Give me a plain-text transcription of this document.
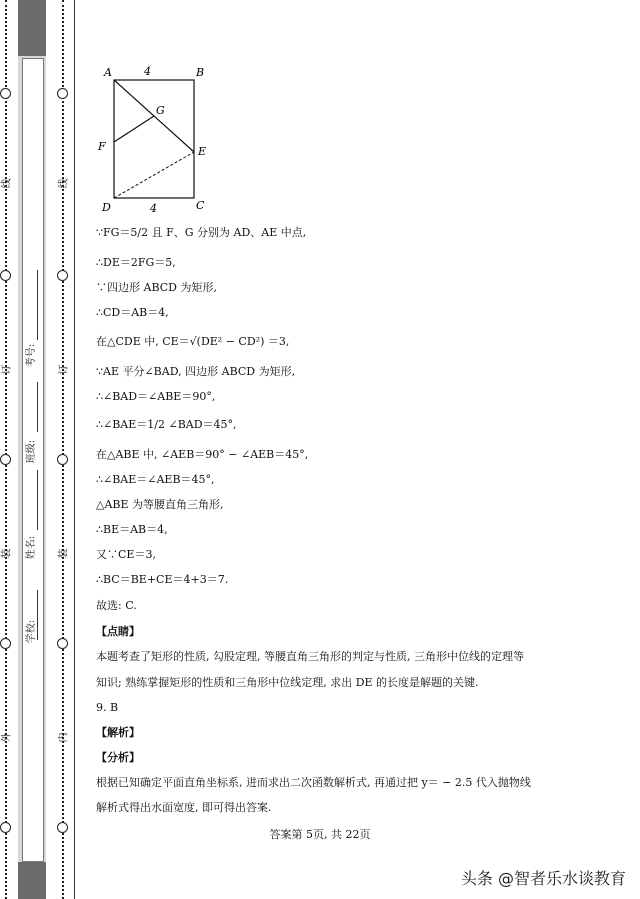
线
订
装
外
线
订
装
内
学校:
姓名:
班级:
考号:
A	B
C
D
E
F
G
4
4
∵FG＝5/2 且 F、G 分别为 AD、AE 中点,
∴DE＝2FG＝5,
∵四边形 ABCD 为矩形,
∴CD＝AB＝4,
在△CDE 中, CE＝√(DE² − CD²) ＝3,
∵AE 平分∠BAD, 四边形 ABCD 为矩形,
∴∠BAD＝∠ABE＝90°,
∴∠BAE＝1/2 ∠BAD＝45°,
在△ABE 中, ∠AEB＝90° − ∠AEB＝45°,
∴∠BAE＝∠AEB＝45°,
△ABE 为等腰直角三角形,
∴BE＝AB＝4,
又∵CE＝3,
∴BC＝BE+CE＝4+3＝7.
故选: C.
【点睛】
本题考查了矩形的性质, 勾股定理, 等腰直角三角形的判定与性质, 三角形中位线的定理等
知识; 熟练掌握矩形的性质和三角形中位线定理, 求出 DE 的长度是解题的关键.
9. B
【解析】
【分析】
根据已知确定平面直角坐标系, 进而求出二次函数解析式, 再通过把 y＝ − 2.5 代入抛物线
解析式得出水面宽度, 即可得出答案.
答案第 5页, 共 22页
头条 @智者乐水谈教育
